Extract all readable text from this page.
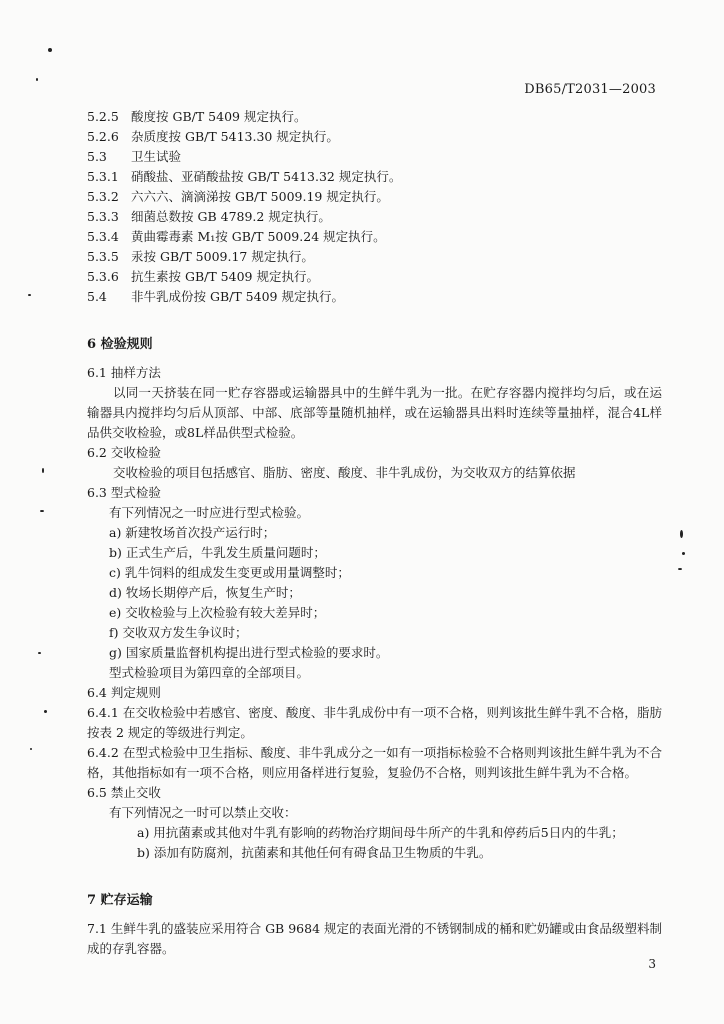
DB65/T2031—2003
5.2.5 酸度按 GB/T 5409 规定执行。
5.2.6 杂质度按 GB/T 5413.30 规定执行。
5.3 卫生试验
5.3.1 硝酸盐、亚硝酸盐按 GB/T 5413.32 规定执行。
5.3.2 六六六、滴滴涕按 GB/T 5009.19 规定执行。
5.3.3 细菌总数按 GB 4789.2 规定执行。
5.3.4 黄曲霉毒素 M₁按 GB/T 5009.24 规定执行。
5.3.5 汞按 GB/T 5009.17 规定执行。
5.3.6 抗生素按 GB/T 5409 规定执行。
5.4 非牛乳成份按 GB/T 5409 规定执行。
6 检验规则
6.1 抽样方法
以同一天挤装在同一贮存容器或运输器具中的生鲜牛乳为一批。在贮存容器内搅拌均匀后，或在运输器具内搅拌均匀后从顶部、中部、底部等量随机抽样，或在运输器具出料时连续等量抽样，混合4L样品供交收检验，或8L样品供型式检验。
6.2 交收检验
交收检验的项目包括感官、脂肪、密度、酸度、非牛乳成份，为交收双方的结算依据
6.3 型式检验
有下列情况之一时应进行型式检验。
a) 新建牧场首次投产运行时；
b) 正式生产后，牛乳发生质量问题时；
c) 乳牛饲料的组成发生变更或用量调整时；
d) 牧场长期停产后，恢复生产时；
e) 交收检验与上次检验有较大差异时；
f) 交收双方发生争议时；
g) 国家质量监督机构提出进行型式检验的要求时。
型式检验项目为第四章的全部项目。
6.4 判定规则
6.4.1 在交收检验中若感官、密度、酸度、非牛乳成份中有一项不合格，则判该批生鲜牛乳不合格，脂肪按表 2 规定的等级进行判定。
6.4.2 在型式检验中卫生指标、酸度、非牛乳成分之一如有一项指标检验不合格则判该批生鲜牛乳为不合格，其他指标如有一项不合格，则应用备样进行复验，复验仍不合格，则判该批生鲜牛乳为不合格。
6.5 禁止交收
有下列情况之一时可以禁止交收：
a) 用抗菌素或其他对牛乳有影响的药物治疗期间母牛所产的牛乳和停药后5日内的牛乳；
b) 添加有防腐剂，抗菌素和其他任何有碍食品卫生物质的牛乳。
7 贮存运输
7.1 生鲜牛乳的盛装应采用符合 GB 9684 规定的表面光滑的不锈钢制成的桶和贮奶罐或由食品级塑料制成的存乳容器。
3
